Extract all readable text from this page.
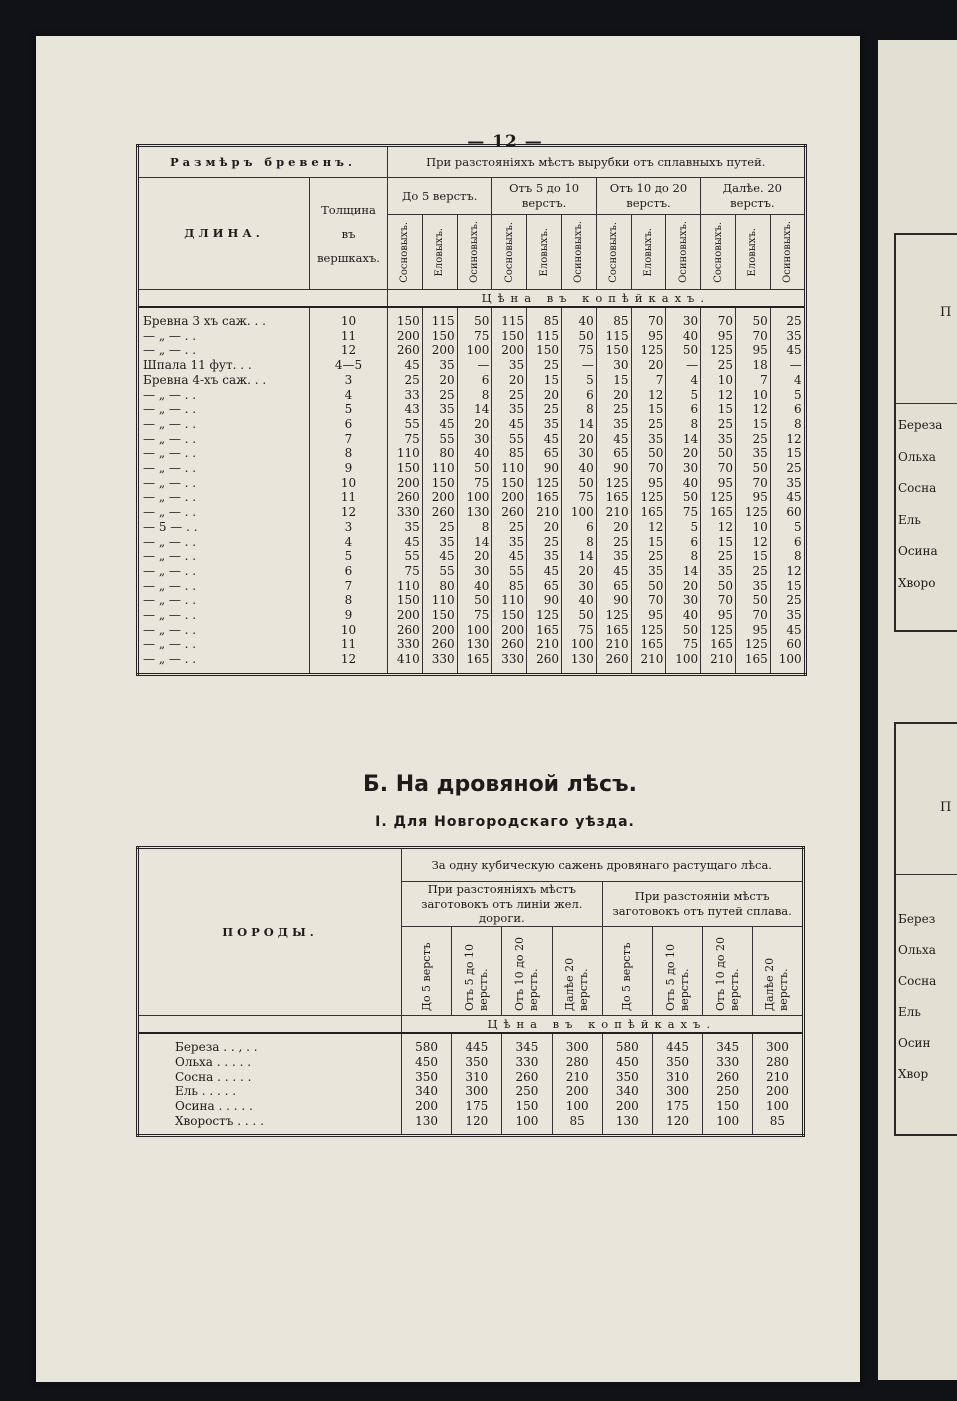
П
П
Береза
Ольха
Сосна
Ель
Осина
Хворо
Берез
Ольха
Сосна
Ель
Осин
Хвор
— 12 —
Размѣръ бревенъ.		При разстояніяхъ мѣстъ вырубки отъ сплавныхъ путей.											
ДЛИНА.	Толщина
въ
вершкахъ.	До 5 верстъ.			Отъ 5 до 10 верстъ.			Отъ 10 до 20 верстъ.			Далѣе. 20 верстъ.		

		Сосновыхъ.	Еловыхъ.	Осиновыхъ.	Сосновыхъ.	Еловыхъ.	Осиновыхъ.	Сосновыхъ.	Еловыхъ.	Осиновыхъ.	Сосновыхъ.	Еловыхъ.	Осиновыхъ.

		Цѣна въ копѣйкахъ.											

Бревна 3 хъ саж. . .	10	150	115	50	115	85	40	85	70	30	70	50	25
— „ — . .	11	200	150	75	150	115	50	115	95	40	95	70	35
— „ — . .	12	260	200	100	200	150	75	150	125	50	125	95	45
Шпала 11 фут. . .	4—5	45	35	—	35	25	—	30	20	—	25	18	—
Бревна 4-хъ саж. . .	3	25	20	6	20	15	5	15	7	4	10	7	4
— „ — . .	4	33	25	8	25	20	6	20	12	5	12	10	5
— „ — . .	5	43	35	14	35	25	8	25	15	6	15	12	6
— „ — . .	6	55	45	20	45	35	14	35	25	8	25	15	8
— „ — . .	7	75	55	30	55	45	20	45	35	14	35	25	12
— „ — . .	8	110	80	40	85	65	30	65	50	20	50	35	15
— „ — . .	9	150	110	50	110	90	40	90	70	30	70	50	25
— „ — . .	10	200	150	75	150	125	50	125	95	40	95	70	35
— „ — . .	11	260	200	100	200	165	75	165	125	50	125	95	45
— „ — . .	12	330	260	130	260	210	100	210	165	75	165	125	60
— 5 — . .	3	35	25	8	25	20	6	20	12	5	12	10	5
— „ — . .	4	45	35	14	35	25	8	25	15	6	15	12	6
— „ — . .	5	55	45	20	45	35	14	35	25	8	25	15	8
— „ — . .	6	75	55	30	55	45	20	45	35	14	35	25	12
— „ — . .	7	110	80	40	85	65	30	65	50	20	50	35	15
— „ — . .	8	150	110	50	110	90	40	90	70	30	70	50	25
— „ — . .	9	200	150	75	150	125	50	125	95	40	95	70	35
— „ — . .	10	260	200	100	200	165	75	165	125	50	125	95	45
— „ — . .	11	330	260	130	260	210	100	210	165	75	165	125	60
— „ — . .	12	410	330	165	330	260	130	260	210	100	210	165	100

Б. На дровяной лѣсъ.
I. Для Новгородскаго уѣзда.
ПОРОДЫ.	За одну кубическую сажень дровянаго растущаго лѣса.							
	При разстояніяхъ мѣстъ заготовокъ отъ линіи жел. дороги.				При разстояніи мѣстъ заготовокъ отъ путей сплава.			

	До 5 верстъ	Отъ 5 до 10 верстъ.	Отъ 10 до 20 верстъ.	Далѣе 20 верстъ.	До 5 верстъ	Отъ 5 до 10 верстъ.	Отъ 10 до 20 верстъ.	Далѣе 20 верстъ.

	Цѣна въ копѣйкахъ.							

Береза . . , . .	580	445	345	300	580	445	345	300
Ольха . . . . .	450	350	330	280	450	350	330	280
Сосна . . . . .	350	310	260	210	350	310	260	210
Ель . . . . .	340	300	250	200	340	300	250	200
Осина . . . . .	200	175	150	100	200	175	150	100
Хворостъ . . . .	130	120	100	85	130	120	100	85
